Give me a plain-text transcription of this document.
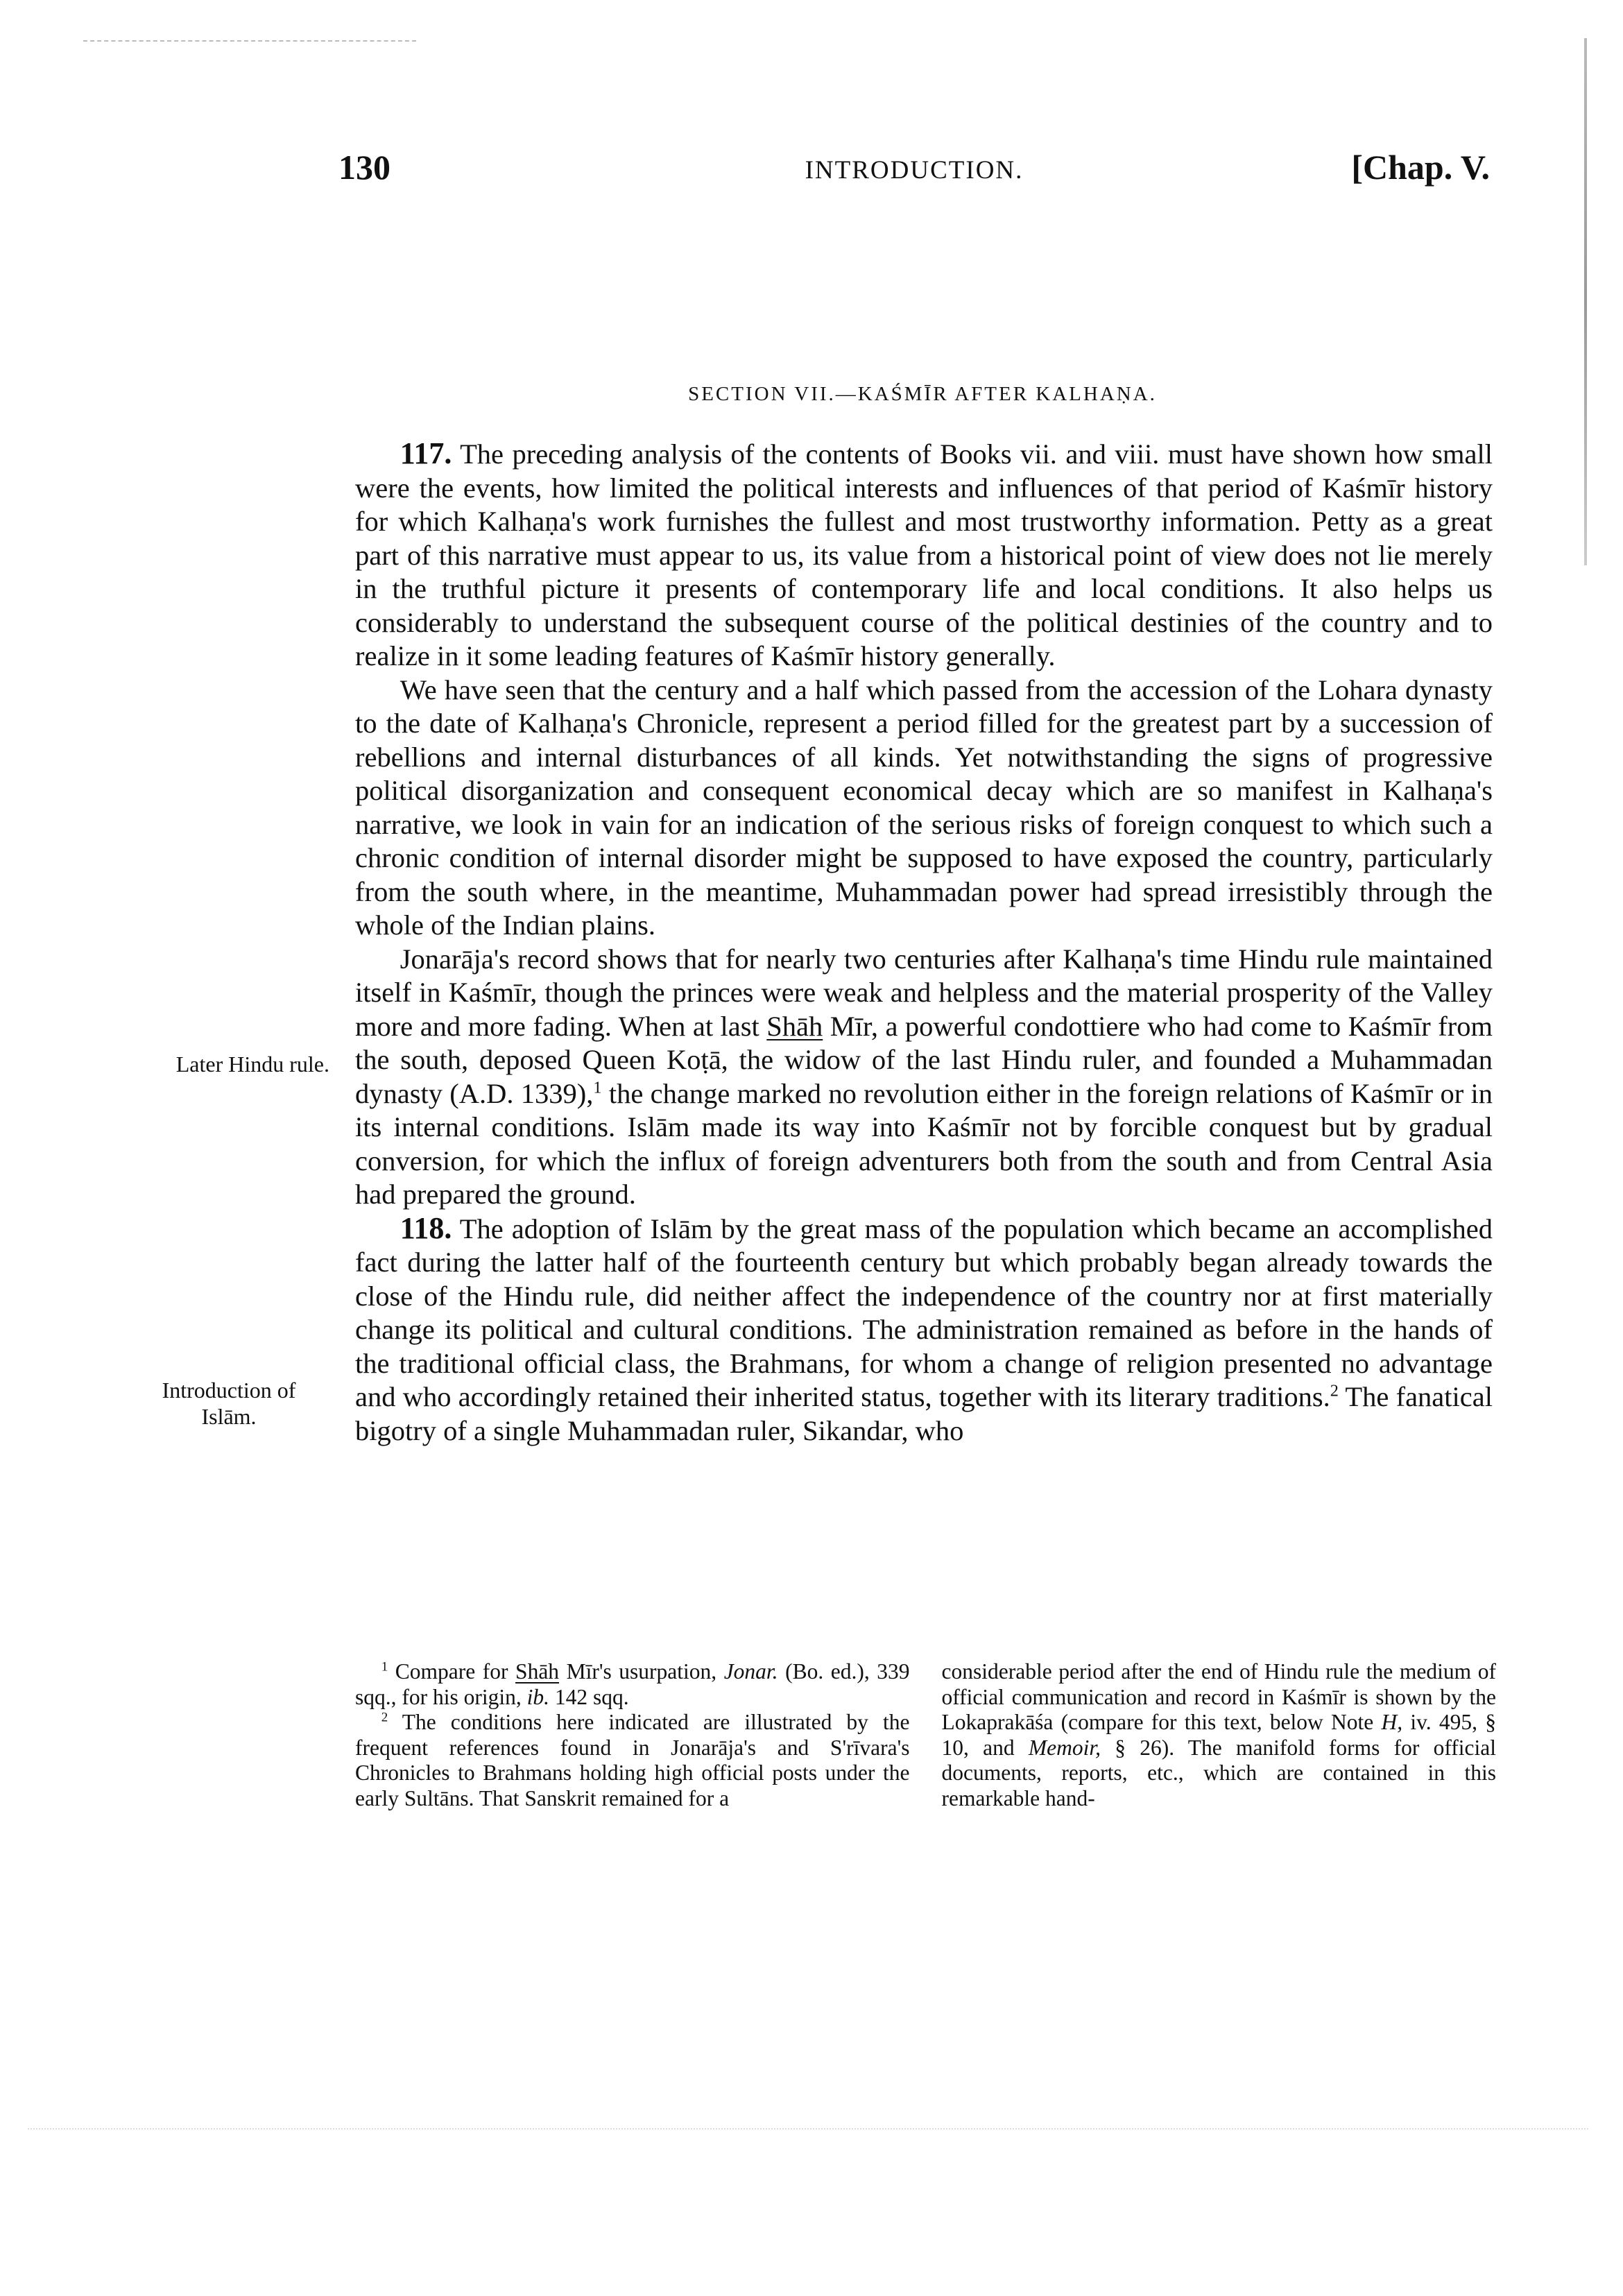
130	INTRODUCTION.	[Chap. V.
SECTION VII.—KAŚMĪR AFTER KALHAṆA.
Later Hindu rule.
Introduction of
Islām.

117. The preceding analysis of the contents of Books vii. and viii. must have shown how small were the events, how limited the political interests and influences of that period of Kaśmīr history for which Kalhaṇa's work furnishes the fullest and most trustworthy information. Petty as a great part of this narrative must appear to us, its value from a historical point of view does not lie merely in the truthful picture it presents of contemporary life and local conditions. It also helps us considerably to understand the subsequent course of the political destinies of the country and to realize in it some leading features of Kaśmīr history generally.

We have seen that the century and a half which passed from the accession of the Lohara dynasty to the date of Kalhaṇa's Chronicle, represent a period filled for the greatest part by a succession of rebellions and internal disturbances of all kinds. Yet notwithstanding the signs of progressive political disorganization and consequent economical decay which are so manifest in Kalhaṇa's narrative, we look in vain for an indication of the serious risks of foreign conquest to which such a chronic condition of internal disorder might be supposed to have exposed the country, particularly from the south where, in the meantime, Muhammadan power had spread irresistibly through the whole of the Indian plains.

Jonarāja's record shows that for nearly two centuries after Kalhaṇa's time Hindu rule maintained itself in Kaśmīr, though the princes were weak and helpless and the material prosperity of the Valley more and more fading. When at last Shāh Mīr, a powerful condottiere who had come to Kaśmīr from the south, deposed Queen Koṭā, the widow of the last Hindu ruler, and founded a Muhammadan dynasty (A.D. 1339),$^1$ the change marked no revolution either in the foreign relations of Kaśmīr or in its internal conditions. Islām made its way into Kaśmīr not by forcible conquest but by gradual conversion, for which the influx of foreign adventurers both from the south and from Central Asia had prepared the ground.

118. The adoption of Islām by the great mass of the population which became an accomplished fact during the latter half of the fourteenth century but which probably began already towards the close of the Hindu rule, did neither affect the independence of the country nor at first materially change its political and cultural conditions. The administration remained as before in the hands of the traditional official class, the Brahmans, for whom a change of religion presented no advantage and who accordingly retained their inherited status, together with its literary traditions.$^2$ The fanatical bigotry of a single Muhammadan ruler, Sikandar, who

$^1$ Compare for Shāh Mīr's usurpation, Jonar. (Bo. ed.), 339 sqq., for his origin, ib. 142 sqq.

$^2$ The conditions here indicated are illustrated by the frequent references found in Jonarāja's and S'rīvara's Chronicles to Brahmans holding high official posts under the early Sultāns. That Sanskrit remained for a

considerable period after the end of Hindu rule the medium of official communication and record in Kaśmīr is shown by the Lokaprakāśa (compare for this text, below Note H, iv. 495, § 10, and Memoir, § 26). The manifold forms for official documents, reports, etc., which are contained in this remarkable hand-
